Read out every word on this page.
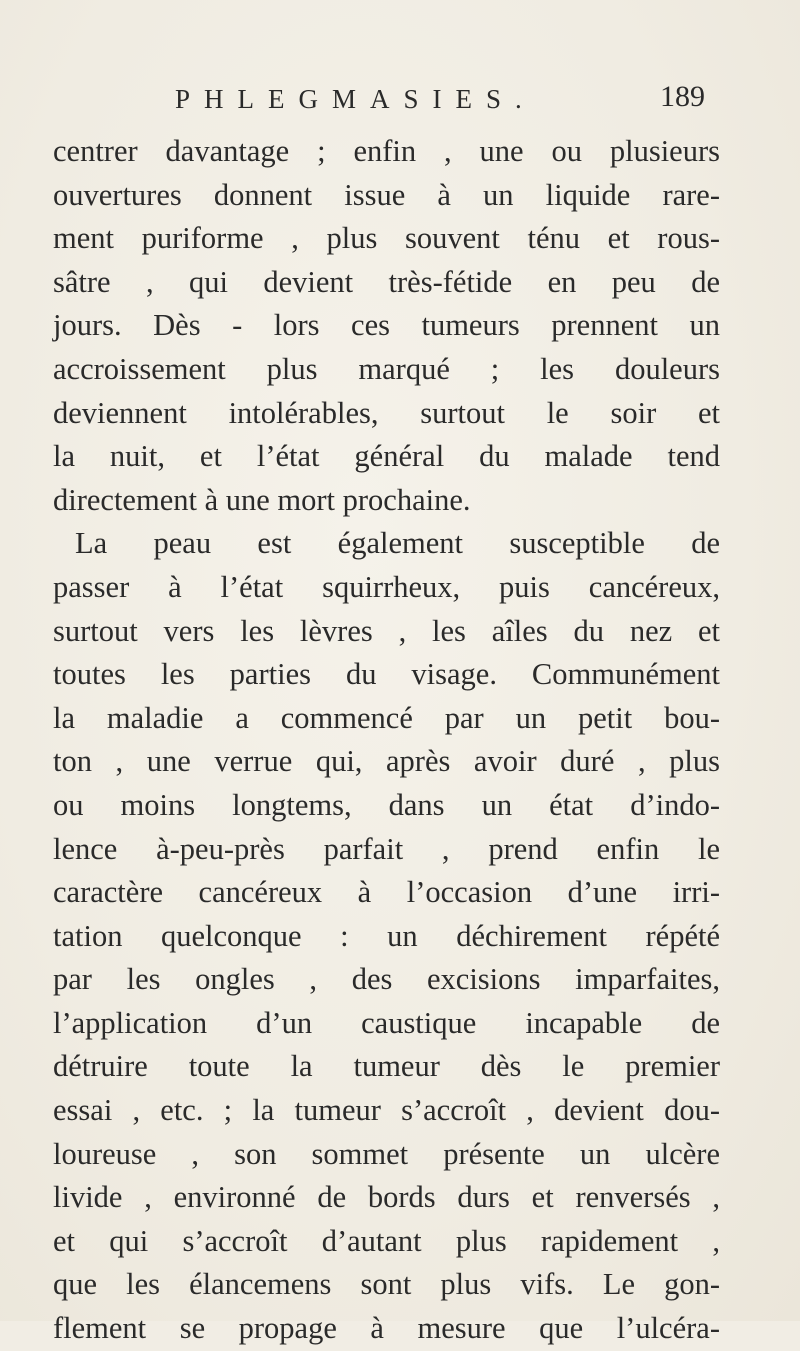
PHLEGMASIES.	189
centrer davantage ; enfin , une ou plusieurs
ouvertures donnent issue à un liquide rare-
ment puriforme , plus souvent ténu et rous-
sâtre , qui devient très-fétide en peu de
jours. Dès - lors ces tumeurs prennent un
accroissement plus marqué ; les douleurs
deviennent intolérables, surtout le soir et
la nuit, et l’état général du malade tend
directement à une mort prochaine.
La peau est également susceptible de
passer à l’état squirrheux, puis cancéreux,
surtout vers les lèvres , les aîles du nez et
toutes les parties du visage. Communément
la maladie a commencé par un petit bou-
ton , une verrue qui, après avoir duré , plus
ou moins longtems, dans un état d’indo-
lence à-peu-près parfait , prend enfin le
caractère cancéreux à l’occasion d’une irri-
tation quelconque : un déchirement répété
par les ongles , des excisions imparfaites,
l’application d’un caustique incapable de
détruire toute la tumeur dès le premier
essai , etc. ; la tumeur s’accroît , devient dou-
loureuse , son sommet présente un ulcère
livide , environné de bords durs et renversés ,
et qui s’accroît d’autant plus rapidement ,
que les élancemens sont plus vifs. Le gon-
flement se propage à mesure que l’ulcéra-
